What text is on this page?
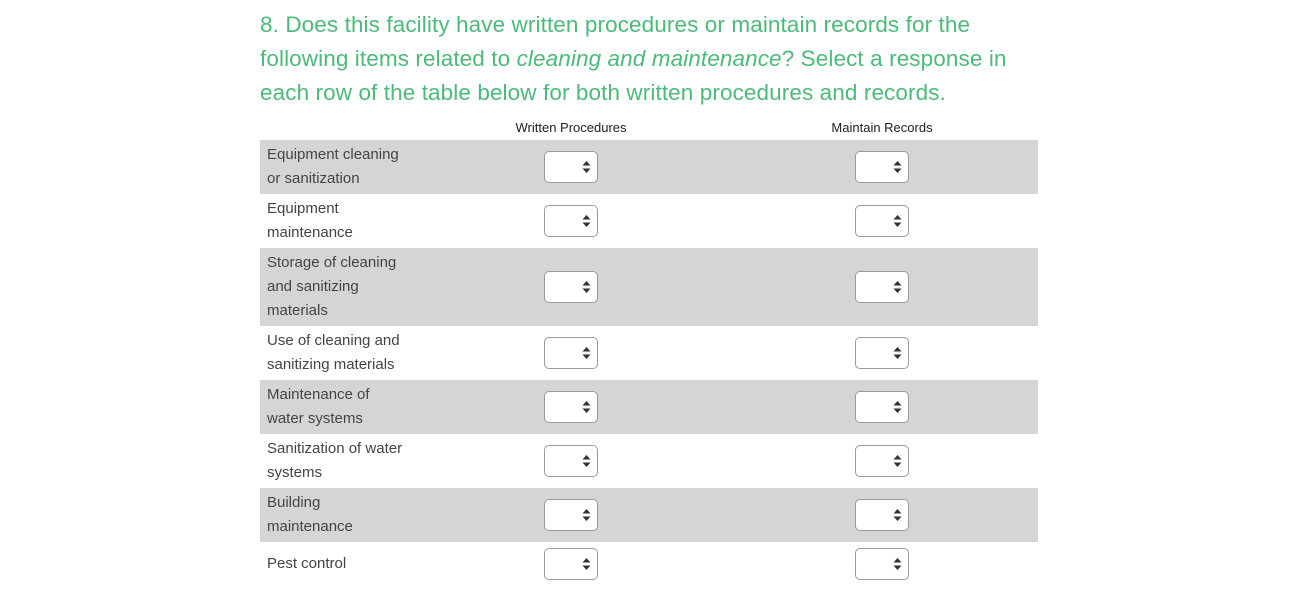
8. Does this facility have written procedures or maintain records for the following items related to cleaning and maintenance? Select a response in each row of the table below for both written procedures and records.
Written Procedures	Maintain Records
Equipment cleaning
or sanitization
Equipment
maintenance
Storage of cleaning
and sanitizing
materials
Use of cleaning and
sanitizing materials
Maintenance of
water systems
Sanitization of water
systems
Building
maintenance
Pest control
